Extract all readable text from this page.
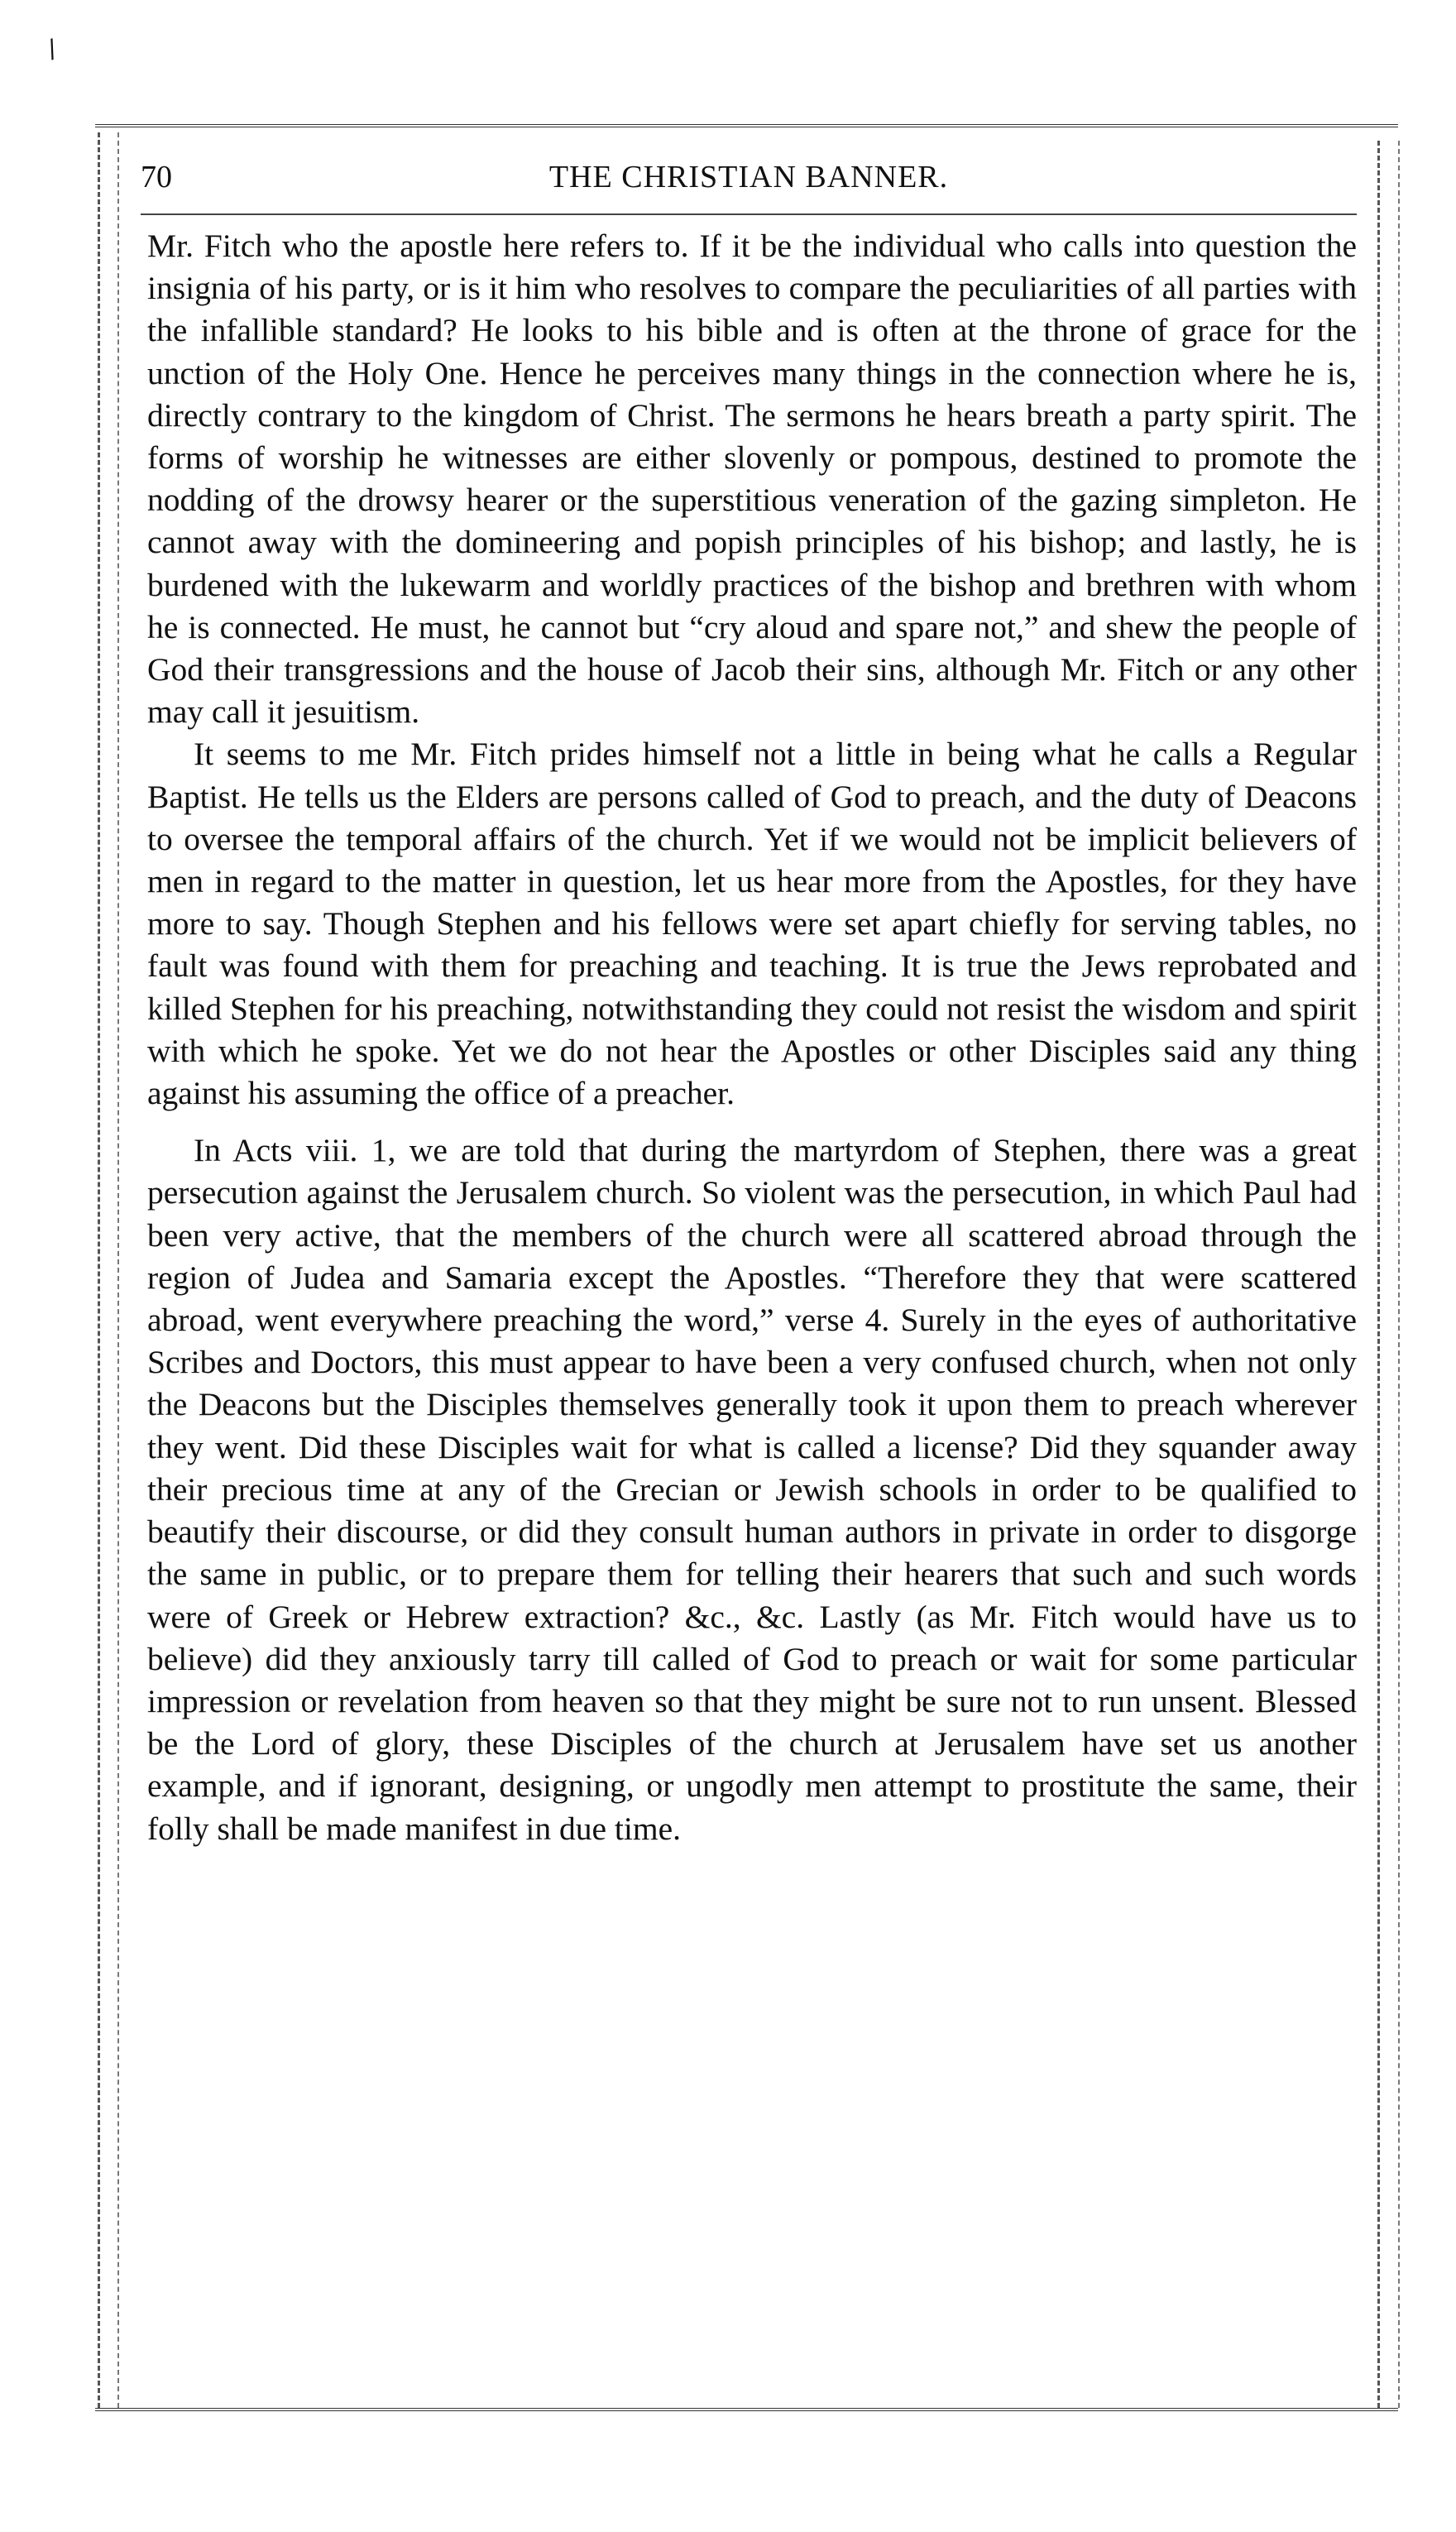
/
70	THE CHRISTIAN BANNER.

Mr. Fitch who the apostle here refers to. If it be the individual who calls into question the insignia of his party, or is it him who resolves to compare the peculiarities of all parties with the infallible standard? He looks to his bible and is often at the throne of grace for the unction of the Holy One. Hence he perceives many things in the connection where he is, directly contrary to the kingdom of Christ. The sermons he hears breath a party spirit. The forms of worship he witnesses are either slovenly or pompous, destined to promote the nodding of the drowsy hearer or the superstitious veneration of the gazing simpleton. He cannot away with the domineering and popish principles of his bishop; and lastly, he is burdened with the lukewarm and worldly practices of the bishop and brethren with whom he is connected. He must, he cannot but “cry aloud and spare not,” and shew the people of God their transgressions and the house of Jacob their sins, although Mr. Fitch or any other may call it jesuitism.

It seems to me Mr. Fitch prides himself not a little in being what he calls a Regular Baptist. He tells us the Elders are persons called of God to preach, and the duty of Deacons to oversee the temporal affairs of the church. Yet if we would not be implicit believers of men in regard to the matter in question, let us hear more from the Apostles, for they have more to say. Though Stephen and his fellows were set apart chiefly for serving tables, no fault was found with them for preaching and teaching. It is true the Jews reprobated and killed Stephen for his preaching, notwithstanding they could not resist the wisdom and spirit with which he spoke. Yet we do not hear the Apostles or other Disciples said any thing against his assuming the office of a preacher.

In Acts viii. 1, we are told that during the martyrdom of Stephen, there was a great persecution against the Jerusalem church. So violent was the persecution, in which Paul had been very active, that the members of the church were all scattered abroad through the region of Judea and Samaria except the Apostles. “Therefore they that were scattered abroad, went everywhere preaching the word,” verse 4. Surely in the eyes of authoritative Scribes and Doctors, this must appear to have been a very confused church, when not only the Deacons but the Disciples themselves generally took it upon them to preach wherever they went. Did these Disciples wait for what is called a license? Did they squander away their precious time at any of the Grecian or Jewish schools in order to be qualified to beautify their discourse, or did they consult human authors in private in order to disgorge the same in public, or to prepare them for telling their hearers that such and such words were of Greek or Hebrew extraction? &c., &c. Lastly (as Mr. Fitch would have us to believe) did they anxiously tarry till called of God to preach or wait for some particular impression or revelation from heaven so that they might be sure not to run unsent. Blessed be the Lord of glory, these Disciples of the church at Jerusalem have set us another example, and if ignorant, designing, or ungodly men attempt to prostitute the same, their folly shall be made manifest in due time.
